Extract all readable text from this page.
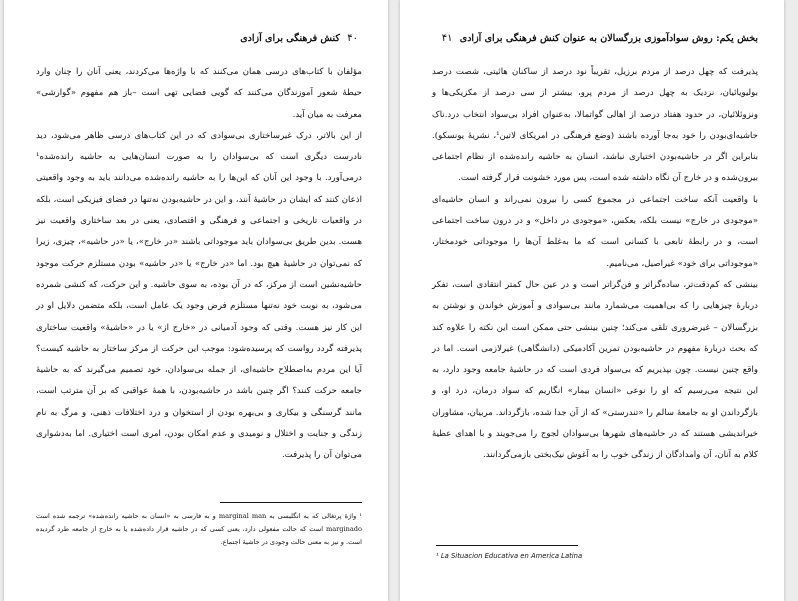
۴۰ کنش فرهنگی برای آزادی

مؤلفان با کتاب‌های درسی همان می‌کنند که با واژه‌ها می‌کردند، یعنی آنان را چنان وارد حیطهٔ شعور آموزندگان می‌کنند که گویی فضایی تهی است –باز هم مفهوم «گوارشی» معرفت به میان آید.

از این بالاتر، درک غیرساختاری بی‌سوادی که در این کتاب‌های درسی ظاهر می‌شود، دید نادرست دیگری است که بی‌سوادان را به صورت انسان‌هایی به حاشیه رانده‌شده¹ درمی‌آورد. با وجود این آنان که این‌ها را به حاشیه رانده‌شده می‌دانند باید به وجود واقعیتی اذعان کنند که ایشان در حاشیهٔ آنند، و این در حاشیه‌بودن نه‌تنها در فضای فیزیکی است، بلکه در واقعیات تاریخی و اجتماعی و فرهنگی و اقتصادی، یعنی در بعد ساختاری واقعیت نیز هست. بدین طریق بی‌سوادان باید موجوداتی باشند «در خارج»، یا «در حاشیه»، چیزی، زیرا که نمی‌توان در حاشیهٔ هیچ بود. اما «در خارج» یا «در حاشیه» بودن مستلزم حرکت موجود حاشیه‌نشین است از مرکز، که در آن بوده، به سوی حاشیه. و این حرکت، که کنشی شمرده می‌شود، به نوبت خود نه‌تنها مستلزم فرض وجود یک عامل است، بلکه متضمن دلایل او در این کار نیز هست. وقتی که وجود آدمیانی در «خارج از» یا در «حاشیهٔ» واقعیت ساختاری پذیرفته گردد رواست که پرسیده‌شود: موجب این حرکت از مرکز ساختار به حاشیه کیست؟ آیا این مردم به‌اصطلاح حاشیه‌ای، از جمله بی‌سوادان، خود تصمیم می‌گیرند که به حاشیهٔ جامعه حرکت کنند؟ اگر چنین باشد در حاشیه‌بودن، با همهٔ عواقبی که بر آن مترتب است، مانند گرسنگی و بیکاری و بی‌بهره بودن از استخوان و درد اختلافات ذهنی، و مرگ به نام زندگی و جنایت و اختلال و نومیدی و عدم امکان بودن، امری است اختیاری. اما به‌دشواری می‌توان آن را پذیرفت.

¹ واژهٔ پرتغالی که به انگلیسی به marginal man و به فارسی به «انسان به حاشیه رانده‌شده» ترجمه شده است marginado است که حالت مفعولی دارد، یعنی کسی که در حاشیه قرار داده‌شده یا به خارج از جامعه طرد گردیده است. و نیز به معنی حالت وجودی در حاشیهٔ اجتماع.
بخش یکم: روش سوادآموزی بزرگسالان به عنوان کنش فرهنگی برای آزادی ۴۱

پذیرفت که چهل درصد از مردم برزیل، تقریباً نود درصد از ساکنان هائیتی، شصت درصد بولیویائیان، نزدیک به چهل درصد از مردم پرو، بیشتر از سی درصد از مکزیکی‌ها و ونزوئلائیان، در حدود هفتاد درصد از اهالی گواتمالا، به‌عنوان افراد بی‌سواد انتخاب درد.ناک حاشیه‌ای‌بودن را خود به‌جا آورده باشند (وضع فرهنگی در امریکای لاتین¹، نشریهٔ یونسکو). بنابراین اگر در حاشیه‌بودن اختیاری نباشد، انسان به حاشیه رانده‌شده از نظام اجتماعی بیرون‌شده و در خارج آن نگاه داشته شده است، پس مورد خشونت قرار گرفته است.

با واقعیت آنکه ساخت اجتماعی در مجموع کسی را بیرون نمی‌راند و انسان حاشیه‌ای «موجودی در خارج» نیست بلکه، بعکس، «موجودی در داخل» و در درون ساخت اجتماعی است، و در رابطهٔ تابعی با کسانی است که ما به‌غلط آن‌ها را موجوداتی خودمختار، «موجوداتی برای خود» غیراصیل، می‌نامیم.

بینشی که کم‌دقت‌تر، ساده‌گراتر و فن‌گراتر است و در عین حال کمتر انتقادی است، تفکر دربارهٔ چیزهایی را که بی‌اهمیت می‌شمارد مانند بی‌سوادی و آموزش خواندن و نوشتن به بزرگسالان – غیرضروری تلقی می‌کند؛ چنین بینشی حتی ممکن است این نکته را علاوه کند که بحث دربارهٔ مفهوم در حاشیه‌بودن تمرین آکادمیکی (دانشگاهی) غیرلازمی است. اما در واقع چنین نیست. چون بپذیریم که بی‌سواد فردی است که در حاشیهٔ جامعه وجود دارد، به این نتیجه می‌رسیم که او را نوعی «انسان بیمار» انگاریم که سواد درمان، درد او، و بازگرداندن او به جامعهٔ سالم را «تندرستی» که از آن جدا شده، بازگرداند. مربیان، مشاوران خیراندیشی هستند که در حاشیه‌های شهرها بی‌سوادان لجوج را می‌جویند و با اهدای عطیهٔ کلام به آنان، آن وامدادگان از زندگی خوب را به آغوش نیک‌بختی بازمی‌گردانند.

¹ La Situacion Educativa en America Latina
